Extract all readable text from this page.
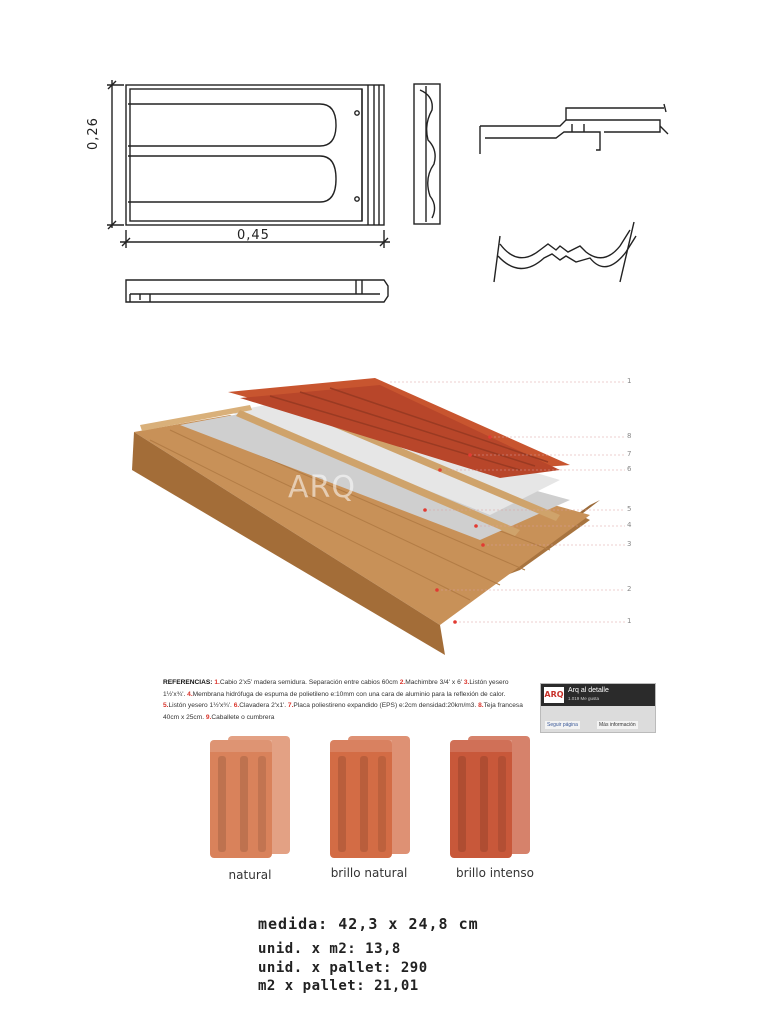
0,26
0,45
ARQ
1
8
7
6
5
4
3
2
1
REFERENCIAS: 1.Cabio 2'x5' madera semidura. Separación entre cabios 60cm 2.Machimbre 3/4' x 6' 3.Listón yesero 1½'x¾'. 4.Membrana hidrófuga de espuma de polietileno e:10mm con una cara de aluminio para la reflexión de calor. 5.Listón yesero 1½'x¾'. 6.Clavadera 2'x1'. 7.Placa poliestireno expandido (EPS) e:2cm densidad:20km/m3. 8.Teja francesa 40cm x 25cm. 9.Caballete o cumbrera
ARQ Arq al detalle
1.019 Me gusta
Seguir página	Más información
natural	brillo natural	brillo intenso
medida: 42,3 x 24,8 cm
unid. x m2: 13,8
unid. x pallet: 290
m2 x pallet: 21,01
